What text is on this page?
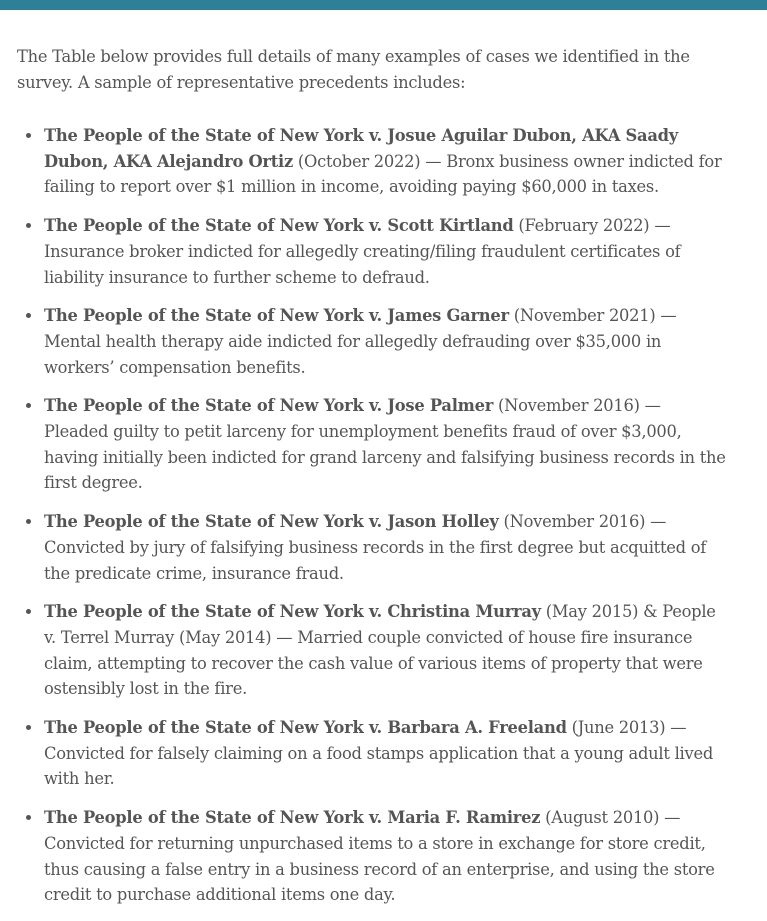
The Table below provides full details of many examples of cases we identified in the survey. A sample of representative precedents includes:

The People of the State of New York v. Josue Aguilar Dubon, AKA Saady Dubon, AKA Alejandro Ortiz (October 2022) — Bronx business owner indicted for failing to report over $1 million in income, avoiding paying $60,000 in taxes.
The People of the State of New York v. Scott Kirtland (February 2022) — Insurance broker indicted for allegedly creating/filing fraudulent certificates of liability insurance to further scheme to defraud.
The People of the State of New York v. James Garner (November 2021) — Mental health therapy aide indicted for allegedly defrauding over $35,000 in workers’ compensation benefits.
The People of the State of New York v. Jose Palmer (November 2016) — Pleaded guilty to petit larceny for unemployment benefits fraud of over $3,000, having initially been indicted for grand larceny and falsifying business records in the first degree.
The People of the State of New York v. Jason Holley (November 2016) — Convicted by jury of falsifying business records in the first degree but acquitted of the predicate crime, insurance fraud.
The People of the State of New York v. Christina Murray (May 2015) & People v. Terrel Murray (May 2014) — Married couple convicted of house fire insurance claim, attempting to recover the cash value of various items of property that were ostensibly lost in the fire.
The People of the State of New York v. Barbara A. Freeland (June 2013) — Convicted for falsely claiming on a food stamps application that a young adult lived with her.
The People of the State of New York v. Maria F. Ramirez (August 2010) — Convicted for returning unpurchased items to a store in exchange for store credit, thus causing a false entry in a business record of an enterprise, and using the store credit to purchase additional items one day.
